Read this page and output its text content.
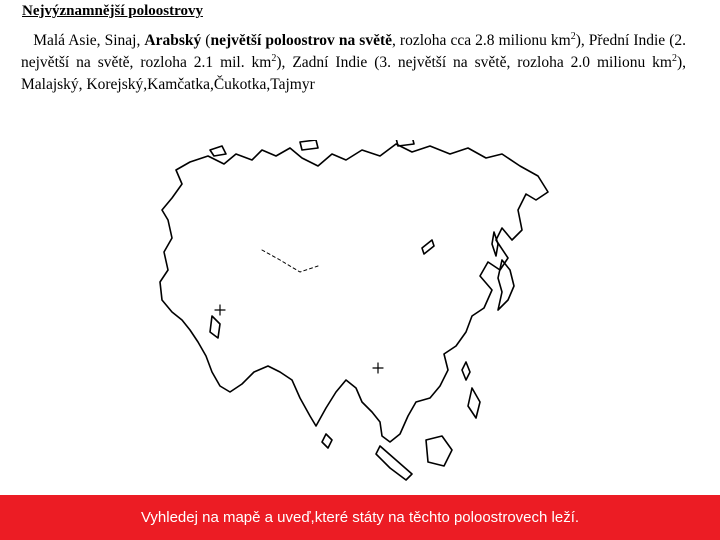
Nejvýznamnější poloostrovy
Malá Asie, Sinaj, Arabský (největší poloostrov na světě, rozloha cca 2.8 milionu $km^2$), Přední Indie (2. největší na světě, rozloha 2.1 mil. $km^2$), Zadní Indie (3. největší na světě, rozloha 2.0 milionu $km^2$), Malajský, Korejský,Kamčatka,Čukotka,Tajmyr
Vyhledej na mapě a uveď,které státy na těchto poloostrovech leží.
